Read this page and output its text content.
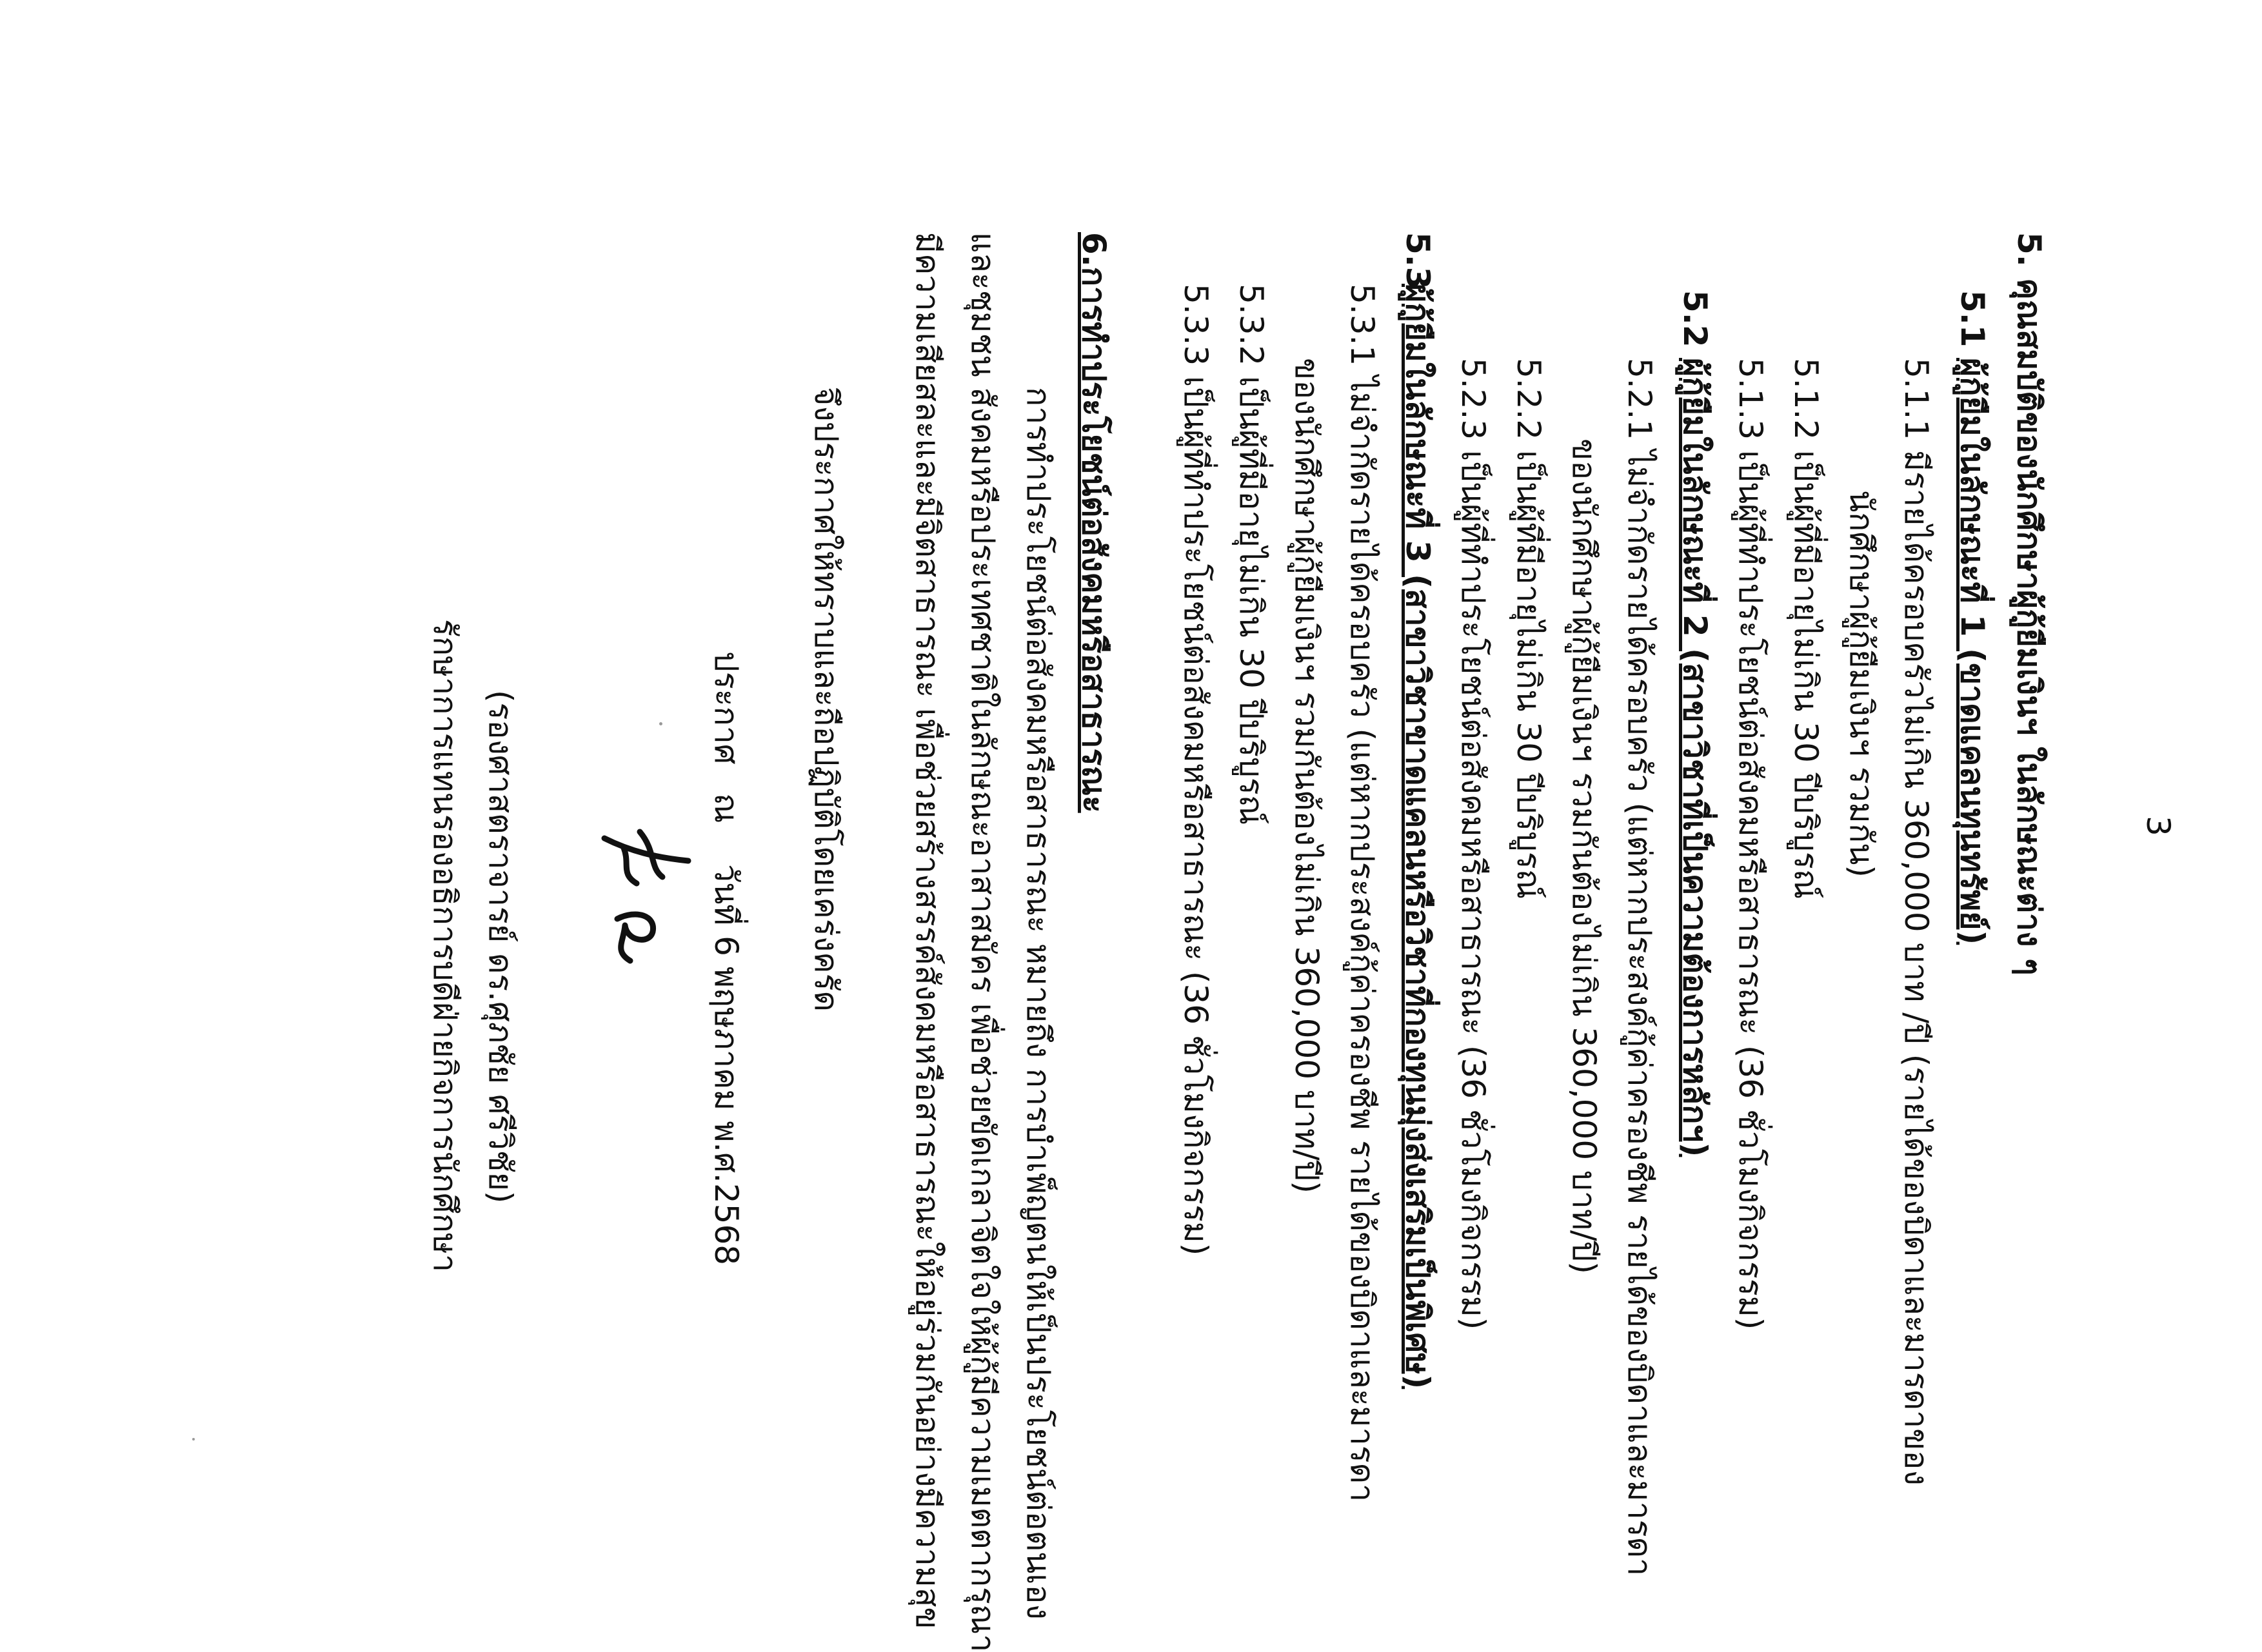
3
5. คุณสมบัติของนักศึกษาผู้กู้ยืมเงินฯ ในลักษณะต่าง ๆ
5.1
ผู้กู้ยืมในลักษณะที่ 1 (ขาดแคลนทุนทรัพย์)
5.1.1 มีรายได้ครอบครัวไม่เกิน 360,000 บาท /ปี (รายได้ของบิดาและมารดาของ
นักศึกษาผู้กู้ยืมเงินฯ รวมกัน)
5.1.2 เป็นผู้ที่มีอายุไม่เกิน 30 ปีบริบูรณ์
5.1.3 เป็นผู้ที่ทำประโยชน์ต่อสังคมหรือสาธารณะ (36 ชั่วโมงกิจกรรม)
5.2
ผู้กู้ยืมในลักษณะที่ 2 (สาขาวิชาที่เป็นความต้องการหลักฯ)
5.2.1 ไม่จำกัดรายได้ครอบครัว (แต่หากประสงค์กู้ค่าครองชีพ รายได้ของบิดาและมารดา
ของนักศึกษาผู้กู้ยืมเงินฯ รวมกันต้องไม่เกิน 360,000 บาท/ปี)
5.2.2 เป็นผู้ที่มีอายุไม่เกิน 30 ปีบริบูรณ์
5.2.3 เป็นผู้ที่ทำประโยชน์ต่อสังคมหรือสาธารณะ (36 ชั่วโมงกิจกรรม)
5.3
ผู้กู้ยืมในลักษณะที่ 3 (สาขาวิชาขาดแคลนหรือวิชาที่กองทุนมุ่งส่งเสริมเป็นพิเศษ)
5.3.1 ไม่จำกัดรายได้ครอบครัว (แต่หากประสงค์กู้ค่าครองชีพ รายได้ของบิดาและมารดา
ของนักศึกษาผู้กู้ยืมเงินฯ รวมกันต้องไม่เกิน 360,000 บาท/ปี)
5.3.2 เป็นผู้ที่มีอายุไม่เกิน 30 ปีบริบูรณ์
5.3.3 เป็นผู้ที่ทำประโยชน์ต่อสังคมหรือสาธารณะ (36 ชั่วโมงกิจกรรม)
6.การทำประโยชน์ต่อสังคมหรือสาธารณะ
การทำประโยชน์ต่อสังคมหรือสาธารณะ หมายถึง การบำเพ็ญตนให้เป็นประโยชน์ต่อตนเอง
และชุมชน สังคมหรือประเทศชาติในลักษณะอาสาสมัคร เพื่อช่วยขัดเกลาจิตใจให้ผู้กู้มีความเมตตากรุณา
มีความเสียสละและมีจิตสาธารณะ เพื่อช่วยสร้างสรรค์สังคมหรือสาธารณะให้อยู่ร่วมกันอย่างมีความสุข
จึงประกาศให้ทราบและถือปฏิบัติโดยเคร่งครัด
ประกาศ
ณ
วันที่ 6 พฤษภาคม พ.ศ.2568
(รองศาสตราจารย์ ดร.ศุภชัย ศรีวิชัย)
รักษาการแทนรองอธิการบดีฝ่ายกิจการนักศึกษา
